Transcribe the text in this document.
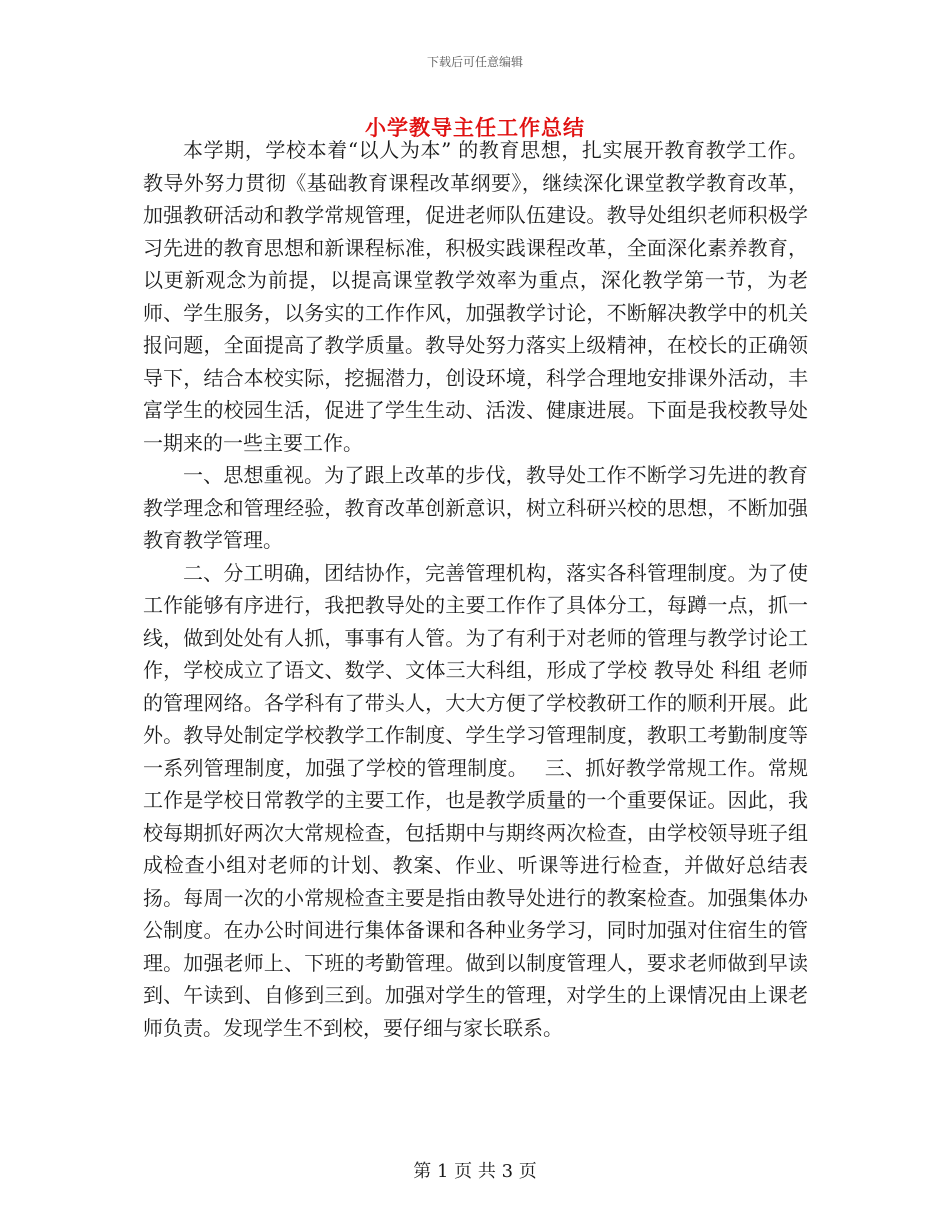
下载后可任意编辑
小学教导主任工作总结

本学期，学校本着“以人为本” 的教育思想，扎实展开教育教学工作。教导外努力贯彻《基础教育课程改革纲要》，继续深化课堂教学教育改革，加强教研活动和教学常规管理，促进老师队伍建设。教导处组织老师积极学习先进的教育思想和新课程标准，积极实践课程改革，全面深化素养教育，以更新观念为前提，以提高课堂教学效率为重点，深化教学第一节，为老师、学生服务，以务实的工作作风，加强教学讨论，不断解决教学中的机关报问题，全面提高了教学质量。教导处努力落实上级精神，在校长的正确领导下，结合本校实际，挖掘潜力，创设环境，科学合理地安排课外活动，丰富学生的校园生活，促进了学生生动、活泼、健康进展。下面是我校教导处一期来的一些主要工作。

一、思想重视。为了跟上改革的步伐，教导处工作不断学习先进的教育教学理念和管理经验，教育改革创新意识，树立科研兴校的思想，不断加强教育教学管理。

二、分工明确，团结协作，完善管理机构，落实各科管理制度。为了使工作能够有序进行，我把教导处的主要工作作了具体分工，每蹲一点，抓一线，做到处处有人抓，事事有人管。为了有利于对老师的管理与教学讨论工作，学校成立了语文、数学、文体三大科组，形成了学校 教导处 科组 老师的管理网络。各学科有了带头人，大大方便了学校教研工作的顺利开展。此外。教导处制定学校教学工作制度、学生学习管理制度，教职工考勤制度等一系列管理制度，加强了学校的管理制度。　 三、抓好教学常规工作。常规工作是学校日常教学的主要工作，也是教学质量的一个重要保证。因此，我校每期抓好两次大常规检查，包括期中与期终两次检查，由学校领导班子组成检查小组对老师的计划、教案、作业、听课等进行检查，并做好总结表扬。每周一次的小常规检查主要是指由教导处进行的教案检查。加强集体办公制度。在办公时间进行集体备课和各种业务学习，同时加强对住宿生的管理。加强老师上、下班的考勤管理。做到以制度管理人，要求老师做到早读到、午读到、自修到三到。加强对学生的管理，对学生的上课情况由上课老师负责。发现学生不到校，要仔细与家长联系。

第 1 页 共 3 页
